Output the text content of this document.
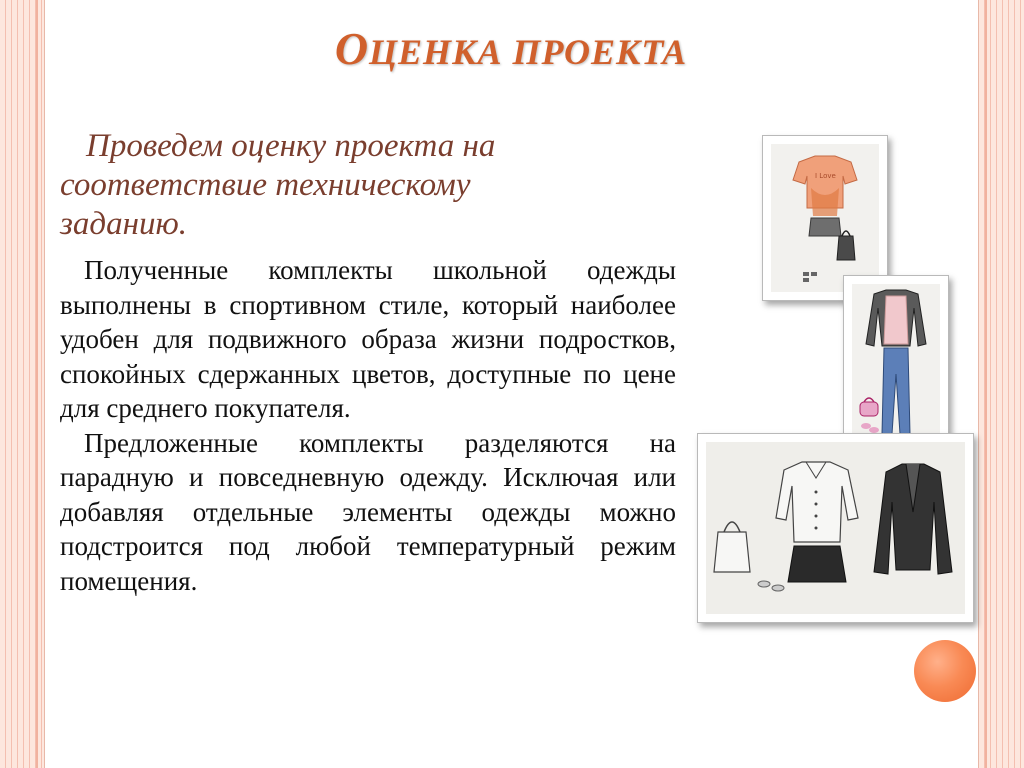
ОЦЕНКА ПРОЕКТА
Проведем оценку проекта на соответствие техническому заданию.

Полученные комплекты школьной одежды выполнены в спортивном стиле, который наиболее удобен для подвижного образа жизни подростков, спокойных сдержанных цветов, доступные по цене для среднего покупателя.

Предложенные комплекты разделяются на парадную и повседневную одежду. Исключая или добавляя отдельные элементы одежды можно подстроится под любой температурный режим помещения.

I Love
